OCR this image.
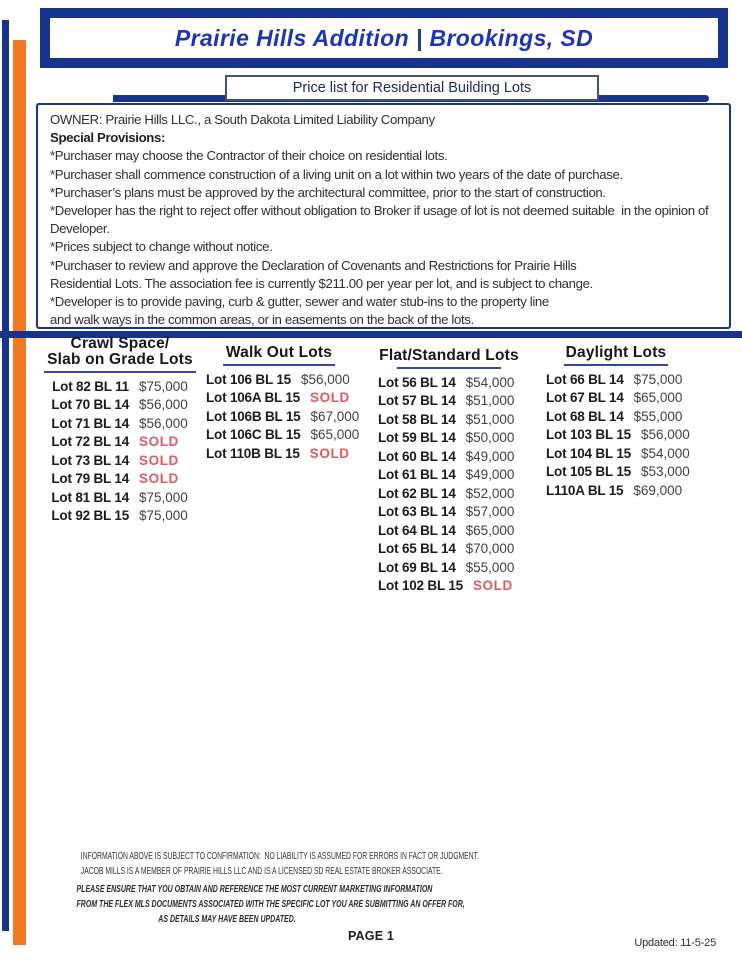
Prairie Hills Addition | Brookings, SD
Price list for Residential Building Lots
OWNER: Prairie Hills LLC., a South Dakota Limited Liability Company
Special Provisions:
*Purchaser may choose the Contractor of their choice on residential lots.
*Purchaser shall commence construction of a living unit on a lot within two years of the date of purchase.
*Purchaser’s plans must be approved by the architectural committee, prior to the start of construction.
*Developer has the right to reject offer without obligation to Broker if usage of lot is not deemed suitable  in the opinion of
Developer.
*Prices subject to change without notice.
*Purchaser to review and approve the Declaration of Covenants and Restrictions for Prairie Hills
Residential Lots. The association fee is currently $211.00 per year per lot, and is subject to change.
*Developer is to provide paving, curb & gutter, sewer and water stub-ins to the property line
and walk ways in the common areas, or in easements on the back of the lots.
Crawl Space/
Slab on Grade Lots
Lot 82 BL 11 $75,000
Lot 70 BL 14 $56,000
Lot 71 BL 14 $56,000
Lot 72 BL 14 SOLD
Lot 73 BL 14 SOLD
Lot 79 BL 14 SOLD
Lot 81 BL 14 $75,000
Lot 92 BL 15 $75,000
Walk Out Lots
Lot 106 BL 15 $56,000
Lot 106A BL 15 SOLD
Lot 106B BL 15 $67,000
Lot 106C BL 15 $65,000
Lot 110B BL 15 SOLD
Flat/Standard Lots
Lot 56 BL 14 $54,000
Lot 57 BL 14 $51,000
Lot 58 BL 14 $51,000
Lot 59 BL 14 $50,000
Lot 60 BL 14 $49,000
Lot 61 BL 14 $49,000
Lot 62 BL 14 $52,000
Lot 63 BL 14 $57,000
Lot 64 BL 14 $65,000
Lot 65 BL 14 $70,000
Lot 69 BL 14 $55,000
Lot 102 BL 15 SOLD
Daylight Lots
Lot 66 BL 14 $75,000
Lot 67 BL 14 $65,000
Lot 68 BL 14 $55,000
Lot 103 BL 15 $56,000
Lot 104 BL 15 $54,000
Lot 105 BL 15 $53,000
L110A BL 15 $69,000
INFORMATION ABOVE IS SUBJECT TO CONFIRMATION:  NO LIABILITY IS ASSUMED FOR ERRORS IN FACT OR JUDGMENT.
JACOB MILLS IS A MEMBER OF PRAIRIE HILLS LLC AND IS A LICENSED SD REAL ESTATE BROKER ASSOCIATE.
PLEASE ENSURE THAT YOU OBTAIN AND REFERENCE THE MOST CURRENT MARKETING INFORMATION
FROM THE FLEX MLS DOCUMENTS ASSOCIATED WITH THE SPECIFIC LOT YOU ARE SUBMITTING AN OFFER FOR,
AS DETAILS MAY HAVE BEEN UPDATED.
PAGE 1	Updated: 11-5-25
